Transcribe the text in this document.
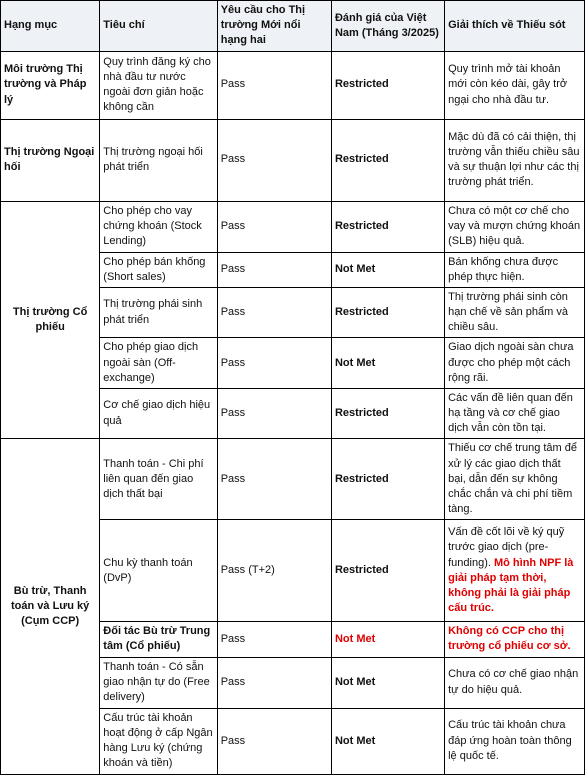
Hạng mục	Tiêu chí	Yêu cầu cho Thị trường Mới nổi hạng hai	Đánh giá của Việt Nam (Tháng 3/2025)	Giải thích về Thiếu sót
Môi trường Thị trường và Pháp lý	Quy trình đăng ký cho nhà đầu tư nước ngoài đơn giản hoặc không cần	Pass	Restricted	Quy trình mở tài khoản mới còn kéo dài, gây trở ngại cho nhà đầu tư.
Thị trường Ngoại hối	Thị trường ngoại hối phát triển	Pass	Restricted	Mặc dù đã có cải thiện, thị trường vẫn thiếu chiều sâu và sự thuận lợi như các thị trường phát triển.
Thị trường Cổ phiếu	Cho phép cho vay chứng khoán (Stock Lending)	Pass	Restricted	Chưa có một cơ chế cho vay và mượn chứng khoán (SLB) hiệu quả.
	Cho phép bán khống (Short sales)	Pass	Not Met	Bán khống chưa được phép thực hiện.
	Thị trường phái sinh phát triển	Pass	Restricted	Thị trường phái sinh còn hạn chế về sản phẩm và chiều sâu.
	Cho phép giao dịch ngoài sàn (Off-exchange)	Pass	Not Met	Giao dịch ngoài sàn chưa được cho phép một cách rộng rãi.
	Cơ chế giao dịch hiệu quả	Pass	Restricted	Các vấn đề liên quan đến hạ tầng và cơ chế giao dịch vẫn còn tồn tại.
Bù trừ, Thanh toán và Lưu ký (Cụm CCP)	Thanh toán - Chi phí liên quan đến giao dịch thất bại	Pass	Restricted	Thiếu cơ chế trung tâm để xử lý các giao dịch thất bại, dẫn đến sự không chắc chắn và chi phí tiềm tàng.
	Chu kỳ thanh toán (DvP)	Pass (T+2)	Restricted	Vấn đề cốt lõi về ký quỹ trước giao dịch (pre-funding). Mô hình NPF là giải pháp tạm thời, không phải là giải pháp cấu trúc.
	Đối tác Bù trừ Trung tâm (Cổ phiếu)	Pass	Not Met	Không có CCP cho thị trường cổ phiếu cơ sở.
	Thanh toán - Có sẵn giao nhận tự do (Free delivery)	Pass	Not Met	Chưa có cơ chế giao nhận tự do hiệu quả.
	Cấu trúc tài khoản hoạt động ở cấp Ngân hàng Lưu ký (chứng khoán và tiền)	Pass	Not Met	Cấu trúc tài khoản chưa đáp ứng hoàn toàn thông lệ quốc tế.
